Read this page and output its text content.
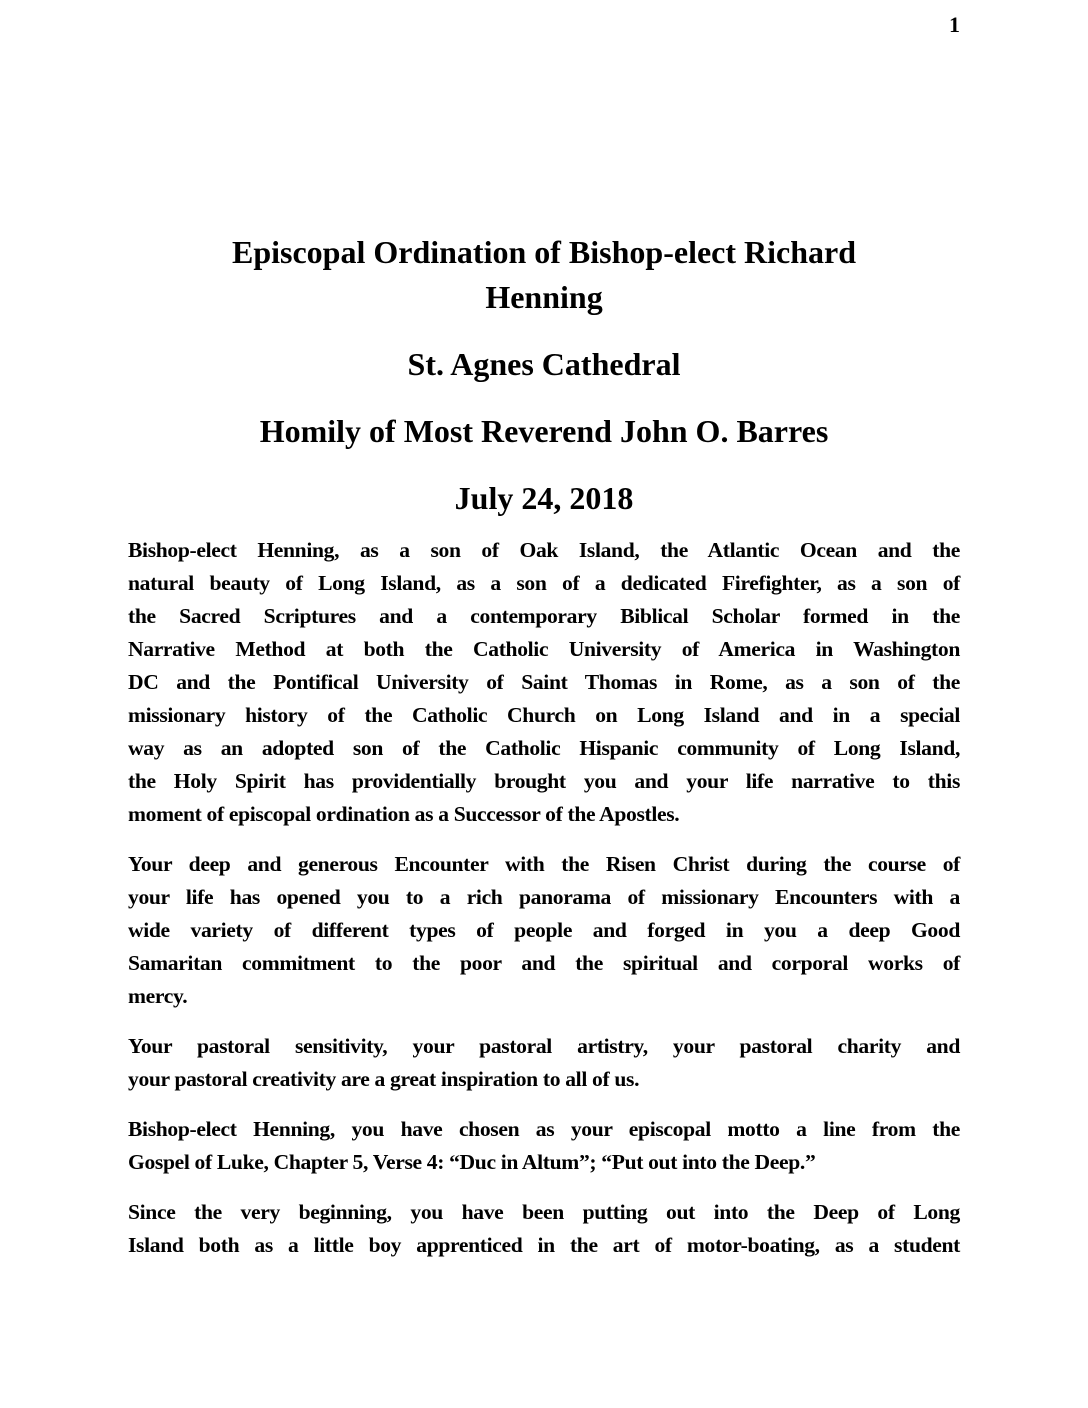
1

Episcopal Ordination of Bishop-elect Richard

Henning

St. Agnes Cathedral

Homily of Most Reverend John O. Barres

July 24, 2018

Bishop-elect Henning, as a son of Oak Island, the Atlantic Ocean and the
natural beauty of Long Island, as a son of a dedicated Firefighter, as a son of
the Sacred Scriptures and a contemporary Biblical Scholar formed in the
Narrative Method at both the Catholic University of America in Washington
DC and the Pontifical University of Saint Thomas in Rome, as a son of the
missionary history of the Catholic Church on Long Island and in a special
way as an adopted son of the Catholic Hispanic community of Long Island,
the Holy Spirit has providentially brought you and your life narrative to this
moment of episcopal ordination as a Successor of the Apostles.
Your deep and generous Encounter with the Risen Christ during the course of
your life has opened you to a rich panorama of missionary Encounters with a
wide variety of different types of people and forged in you a deep Good
Samaritan commitment to the poor and the spiritual and corporal works of
mercy.
Your pastoral sensitivity, your pastoral artistry, your pastoral charity and
your pastoral creativity are a great inspiration to all of us.
Bishop-elect Henning, you have chosen as your episcopal motto a line from the
Gospel of Luke, Chapter 5, Verse 4: “Duc in Altum”; “Put out into the Deep.”
Since the very beginning, you have been putting out into the Deep of Long
Island both as a little boy apprenticed in the art of motor-boating, as a student
